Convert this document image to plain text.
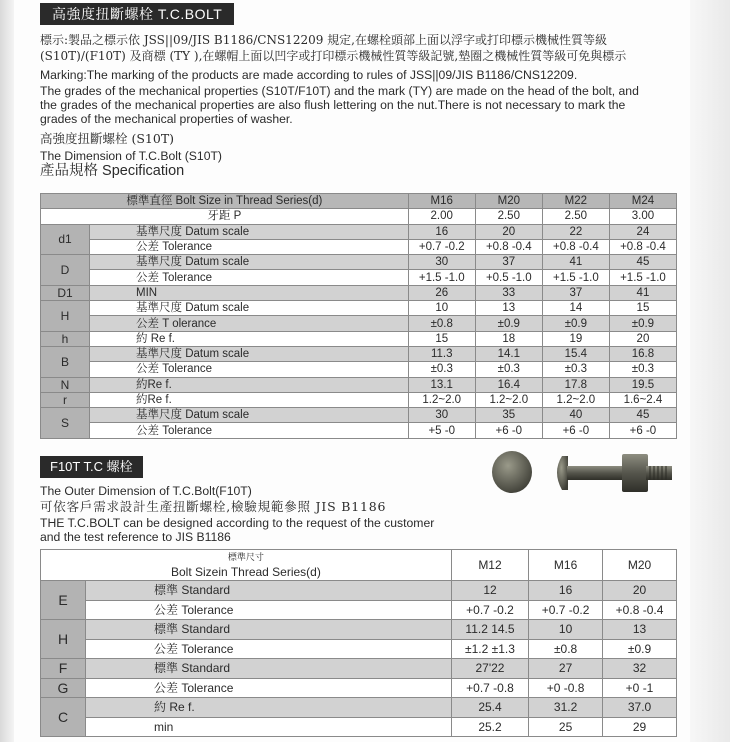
高強度扭斷螺栓 T.C.BOLT
標示:製品之標示依 JSS||09/JIS B1186/CNS12209 規定,在螺栓頭部上面以浮字或打印標示機械性質等級
(S10T)/(F10T) 及商標 (TY ),在螺帽上面以凹字或打印標示機械性質等級記號,墊圈之機械性質等級可免與標示
Marking:The marking of the products are made according to rules of JSS||09/JIS B1186/CNS12209.
The grades of the mechanical properties (S10T/F10T) and the mark (TY) are made on the head of the bolt, and
the grades of the mechanical properties are also flush lettering on the nut.There is not necessary to mark the
grades of the mechanical properties of washer.
高強度扭斷螺栓 (S10T)
The Dimension of T.C.Bolt (S10T)
產品規格 Specification
標準直徑 Bolt Size in Thread Series(d)		M16	M20	M22	M24
牙距 P		2.00	2.50	2.50	3.00
d1	基準尺度 Datum scale	16	20	22	24
	公差 Tolerance	+0.7 -0.2	+0.8 -0.4	+0.8 -0.4	+0.8 -0.4
D	基準尺度 Datum scale	30	37	41	45
	公差 Tolerance	+1.5 -1.0	+0.5 -1.0	+1.5 -1.0	+1.5 -1.0
D1	MIN	26	33	37	41
H	基準尺度 Datum scale	10	13	14	15
	公差 T olerance	±0.8	±0.9	±0.9	±0.9
h	約 Re f.	15	18	19	20
B	基準尺度 Datum scale	11.3	14.1	15.4	16.8
	公差 Tolerance	±0.3	±0.3	±0.3	±0.3
N	約Re f.	13.1	16.4	17.8	19.5
r	約Re f.	1.2~2.0	1.2~2.0	1.2~2.0	1.6~2.4
S	基準尺度 Datum scale	30	35	40	45
	公差 Tolerance	+5 -0	+6 -0	+6 -0	+6 -0
F10T T.C 螺栓
The Outer Dimension of T.C.Bolt(F10T)
可依客戶需求設計生產扭斷螺栓,檢驗規範參照 JIS B1186
THE T.C.BOLT can be designed according to the request of the customer
and the test reference to JIS B1186
標準尺寸
Bolt Sizein Thread Series(d)		M12	M16	M20
E	標準 Standard	12	16	20
	公差 Tolerance	+0.7 -0.2	+0.7 -0.2	+0.8 -0.4
H	標準 Standard	11.2 14.5	10	13
	公差 Tolerance	±1.2 ±1.3	±0.8	±0.9
F	標準 Standard	27'22	27	32
G	公差 Tolerance	+0.7 -0.8	+0 -0.8	+0 -1
C	約 Re f.	25.4	31.2	37.0
	min	25.2	25	29
